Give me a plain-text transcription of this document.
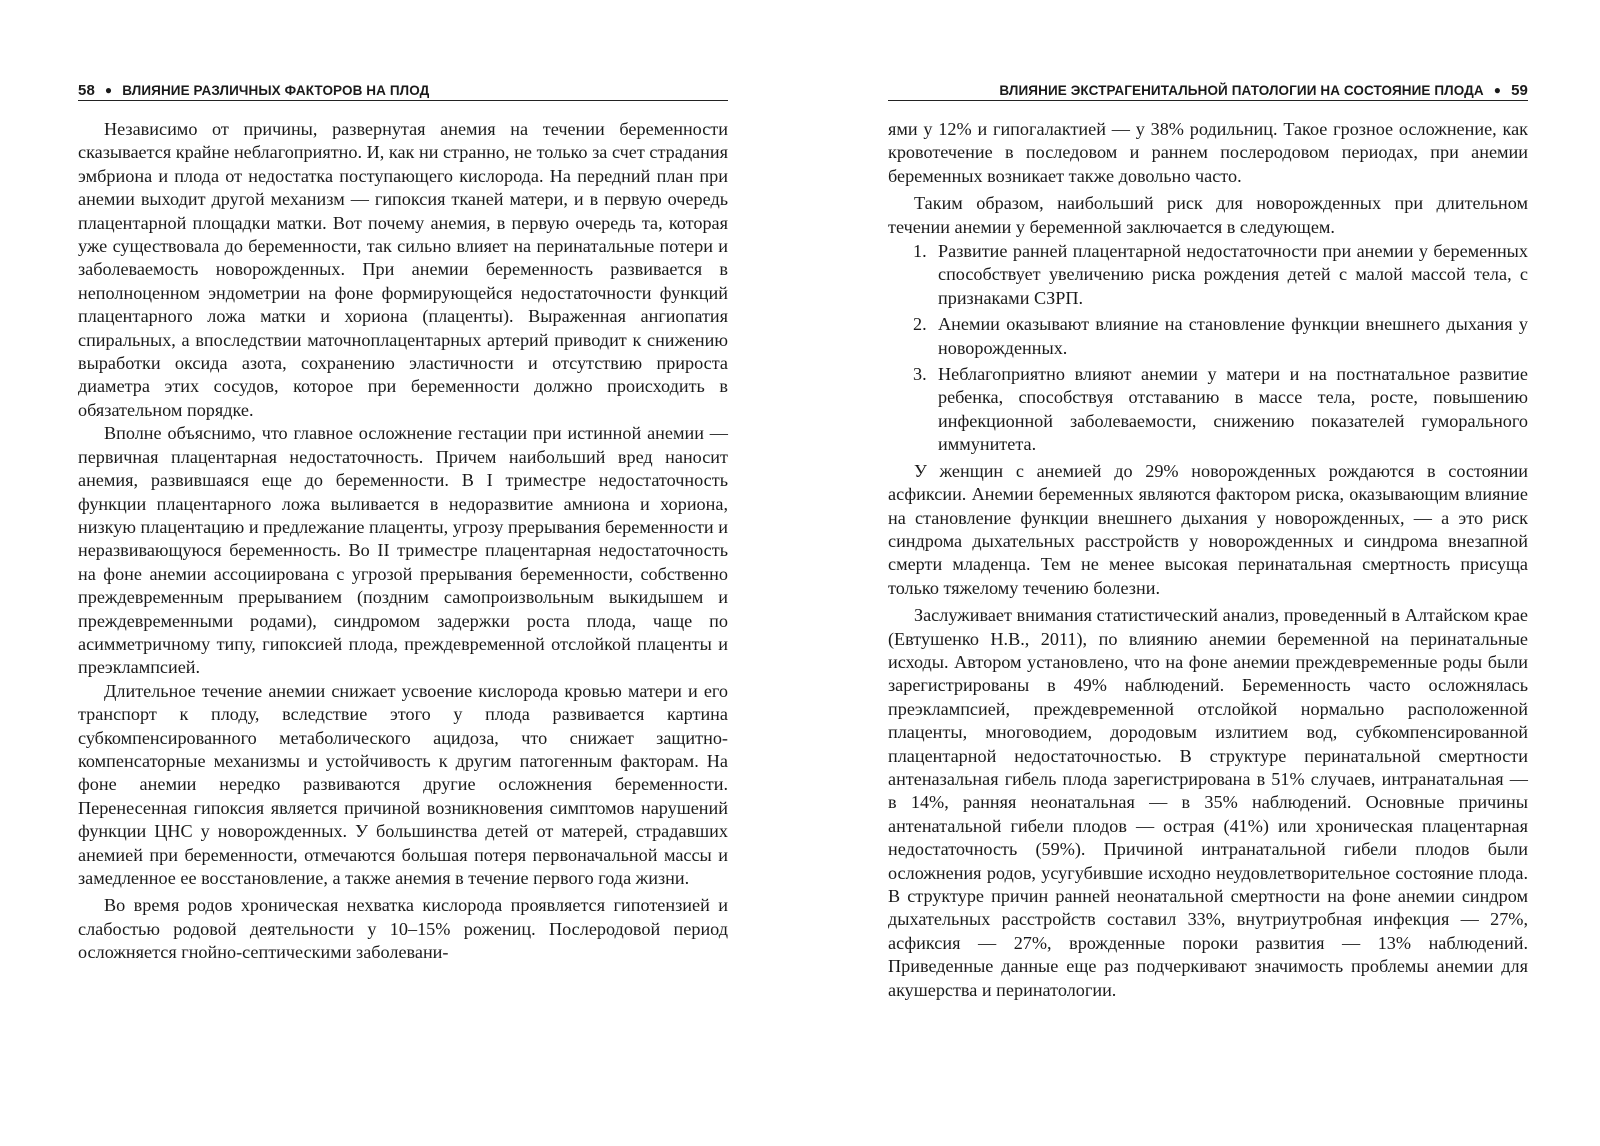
58 ● ВЛИЯНИЕ РАЗЛИЧНЫХ ФАКТОРОВ НА ПЛОД

Независимо от причины, развернутая анемия на течении беременности сказывается крайне неблагоприятно. И, как ни странно, не только за счет страдания эмбриона и плода от недостатка поступающего кислорода. На передний план при анемии выходит другой механизм — гипоксия тканей матери, и в первую очередь плацентарной площадки матки. Вот почему анемия, в первую очередь та, которая уже существовала до беременности, так сильно влияет на перинатальные потери и заболеваемость новорожденных. При анемии беременность развивается в неполноценном эндометрии на фоне формирующейся недостаточности функций плацентарного ложа матки и хориона (плаценты). Выраженная ангиопатия спиральных, а впоследствии маточноплацентарных артерий приводит к снижению выработки оксида азота, сохранению эластичности и отсутствию прироста диаметра этих сосудов, которое при беременности должно происходить в обязательном порядке.

Вполне объяснимо, что главное осложнение гестации при истинной анемии — первичная плацентарная недостаточность. Причем наибольший вред наносит анемия, развившаяся еще до беременности. В I триместре недостаточность функции плацентарного ложа выливается в недоразвитие амниона и хориона, низкую плацентацию и предлежание плаценты, угрозу прерывания беременности и неразвивающуюся беременность. Во II триместре плацентарная недостаточность на фоне анемии ассоциирована с угрозой прерывания беременности, собственно преждевременным прерыванием (поздним самопроизвольным выкидышем и преждевременными родами), синдромом задержки роста плода, чаще по асимметричному типу, гипоксией плода, преждевременной отслойкой плаценты и преэклампсией.

Длительное течение анемии снижает усвоение кислорода кровью матери и его транспорт к плоду, вследствие этого у плода развивается картина субкомпенсированного метаболического ацидоза, что снижает защитно-компенсаторные механизмы и устойчивость к другим патогенным факторам. На фоне анемии нередко развиваются другие осложнения беременности. Перенесенная гипоксия является причиной возникновения симптомов нарушений функции ЦНС у новорожденных. У большинства детей от матерей, страдавших анемией при беременности, отмечаются большая потеря первоначальной массы и замедленное ее восстановление, а также анемия в течение первого года жизни.

Во время родов хроническая нехватка кислорода проявляется гипотензией и слабостью родовой деятельности у 10–15% рожениц. Послеродовой период осложняется гнойно-септическими заболевани-

ВЛИЯНИЕ ЭКСТРАГЕНИТАЛЬНОЙ ПАТОЛОГИИ НА СОСТОЯНИЕ ПЛОДА ● 59

ями у 12% и гипогалактией — у 38% родильниц. Такое грозное осложнение, как кровотечение в последовом и раннем послеродовом периодах, при анемии беременных возникает также довольно часто.

Таким образом, наибольший риск для новорожденных при длительном течении анемии у беременной заключается в следующем.

1. Развитие ранней плацентарной недостаточности при анемии у беременных способствует увеличению риска рождения детей с малой массой тела, с признаками СЗРП.
2. Анемии оказывают влияние на становление функции внешнего дыхания у новорожденных.
3. Неблагоприятно влияют анемии у матери и на постнатальное развитие ребенка, способствуя отставанию в массе тела, росте, повышению инфекционной заболеваемости, снижению показателей гуморального иммунитета.

У женщин с анемией до 29% новорожденных рождаются в состоянии асфиксии. Анемии беременных являются фактором риска, оказывающим влияние на становление функции внешнего дыхания у новорожденных, — а это риск синдрома дыхательных расстройств у новорожденных и синдрома внезапной смерти младенца. Тем не менее высокая перинатальная смертность присуща только тяжелому течению болезни.

Заслуживает внимания статистический анализ, проведенный в Алтайском крае (Евтушенко Н.В., 2011), по влиянию анемии беременной на перинатальные исходы. Автором установлено, что на фоне анемии преждевременные роды были зарегистрированы в 49% наблюдений. Беременность часто осложнялась преэклампсией, преждевременной отслойкой нормально расположенной плаценты, многоводием, дородовым излитием вод, субкомпенсированной плацентарной недостаточностью. В структуре перинатальной смертности антеназальная гибель плода зарегистрирована в 51% случаев, интранатальная — в 14%, ранняя неонатальная — в 35% наблюдений. Основные причины антенатальной гибели плодов — острая (41%) или хроническая плацентарная недостаточность (59%). Причиной интранатальной гибели плодов были осложнения родов, усугубившие исходно неудовлетворительное состояние плода. В структуре причин ранней неонатальной смертности на фоне анемии синдром дыхательных расстройств составил 33%, внутриутробная инфекция — 27%, асфиксия — 27%, врожденные пороки развития — 13% наблюдений. Приведенные данные еще раз подчеркивают значимость проблемы анемии для акушерства и перинатологии.
